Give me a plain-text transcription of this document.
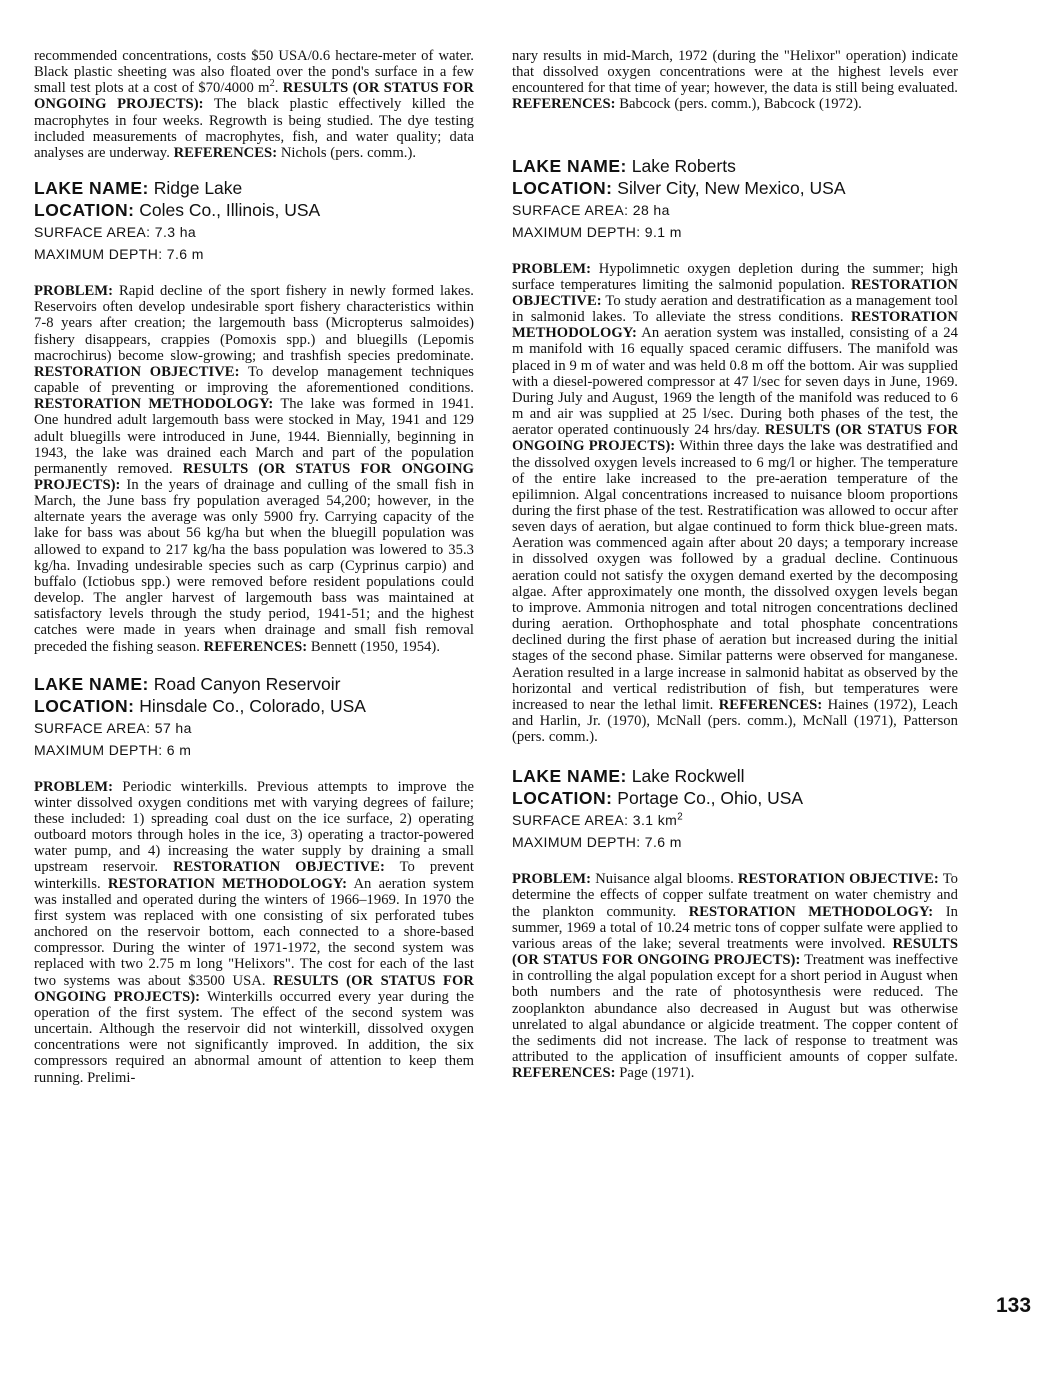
recommended concentrations, costs $50 USA/0.6 hectare-meter of water. Black plastic sheeting was also floated over the pond's surface in a few small test plots at a cost of $70/4000 $m^2$. RESULTS (OR STATUS FOR ONGOING PROJECTS): The black plastic effectively killed the macrophytes in four weeks. Regrowth is being studied. The dye testing included measurements of macrophytes, fish, and water quality; data analyses are underway. REFERENCES: Nichols (pers. comm.).

LAKE NAME: Ridge Lake
LOCATION: Coles Co., Illinois, USA
SURFACE AREA: 7.3 ha
MAXIMUM DEPTH: 7.6 m

PROBLEM: Rapid decline of the sport fishery in newly formed lakes. Reservoirs often develop undesirable sport fishery characteristics within 7-8 years after creation; the largemouth bass (Micropterus salmoides) fishery disappears, crappies (Pomoxis spp.) and bluegills (Lepomis macrochirus) become slow-growing; and trashfish species predominate. RESTORATION OBJECTIVE: To develop management techniques capable of preventing or improving the aforementioned conditions. RESTORATION METHODOLOGY: The lake was formed in 1941. One hundred adult largemouth bass were stocked in May, 1941 and 129 adult bluegills were introduced in June, 1944. Biennially, beginning in 1943, the lake was drained each March and part of the population permanently removed. RESULTS (OR STATUS FOR ONGOING PROJECTS): In the years of drainage and culling of the small fish in March, the June bass fry population averaged 54,200; however, in the alternate years the average was only 5900 fry. Carrying capacity of the lake for bass was about 56 kg/ha but when the bluegill population was allowed to expand to 217 kg/ha the bass population was lowered to 35.3 kg/ha. Invading undesirable species such as carp (Cyprinus carpio) and buffalo (Ictiobus spp.) were removed before resident populations could develop. The angler harvest of largemouth bass was maintained at satisfactory levels through the study period, 1941-51; and the highest catches were made in years when drainage and small fish removal preceded the fishing season. REFERENCES: Bennett (1950, 1954).

LAKE NAME: Road Canyon Reservoir
LOCATION: Hinsdale Co., Colorado, USA
SURFACE AREA: 57 ha
MAXIMUM DEPTH: 6 m

PROBLEM: Periodic winterkills. Previous attempts to improve the winter dissolved oxygen conditions met with varying degrees of failure; these included: 1) spreading coal dust on the ice surface, 2) operating outboard motors through holes in the ice, 3) operating a tractor-powered water pump, and 4) increasing the water supply by draining a small upstream reservoir. RESTORATION OBJECTIVE: To prevent winterkills. RESTORATION METHODOLOGY: An aeration system was installed and operated during the winters of 1966–1969. In 1970 the first system was replaced with one consisting of six perforated tubes anchored on the reservoir bottom, each connected to a shore-based compressor. During the winter of 1971-1972, the second system was replaced with two 2.75 m long "Helixors". The cost for each of the last two systems was about $3500 USA. RESULTS (OR STATUS FOR ONGOING PROJECTS): Winterkills occurred every year during the operation of the first system. The effect of the second system was uncertain. Although the reservoir did not winterkill, dissolved oxygen concentrations were not significantly improved. In addition, the six compressors required an abnormal amount of attention to keep them running. Prelimi-

nary results in mid-March, 1972 (during the "Helixor" operation) indicate that dissolved oxygen concentrations were at the highest levels ever encountered for that time of year; however, the data is still being evaluated. REFERENCES: Babcock (pers. comm.), Babcock (1972).

LAKE NAME: Lake Roberts
LOCATION: Silver City, New Mexico, USA
SURFACE AREA: 28 ha
MAXIMUM DEPTH: 9.1 m

PROBLEM: Hypolimnetic oxygen depletion during the summer; high surface temperatures limiting the salmonid population. RESTORATION OBJECTIVE: To study aeration and destratification as a management tool in salmonid lakes. To alleviate the stress conditions. RESTORATION METHODOLOGY: An aeration system was installed, consisting of a 24 m manifold with 16 equally spaced ceramic diffusers. The manifold was placed in 9 m of water and was held 0.8 m off the bottom. Air was supplied with a diesel-powered compressor at 47 l/sec for seven days in June, 1969. During July and August, 1969 the length of the manifold was reduced to 6 m and air was supplied at 25 l/sec. During both phases of the test, the aerator operated continuously 24 hrs/day. RESULTS (OR STATUS FOR ONGOING PROJECTS): Within three days the lake was destratified and the dissolved oxygen levels increased to 6 mg/l or higher. The temperature of the entire lake increased to the pre-aeration temperature of the epilimnion. Algal concentrations increased to nuisance bloom proportions during the first phase of the test. Restratification was allowed to occur after seven days of aeration, but algae continued to form thick blue-green mats. Aeration was commenced again after about 20 days; a temporary increase in dissolved oxygen was followed by a gradual decline. Continuous aeration could not satisfy the oxygen demand exerted by the decomposing algae. After approximately one month, the dissolved oxygen levels began to improve. Ammonia nitrogen and total nitrogen concentrations declined during aeration. Orthophosphate and total phosphate concentrations declined during the first phase of aeration but increased during the initial stages of the second phase. Similar patterns were observed for manganese. Aeration resulted in a large increase in salmonid habitat as observed by the horizontal and vertical redistribution of fish, but temperatures were increased to near the lethal limit. REFERENCES: Haines (1972), Leach and Harlin, Jr. (1970), McNall (pers. comm.), McNall (1971), Patterson (pers. comm.).

LAKE NAME: Lake Rockwell
LOCATION: Portage Co., Ohio, USA
SURFACE AREA: 3.1 $km^2$
MAXIMUM DEPTH: 7.6 m

PROBLEM: Nuisance algal blooms. RESTORATION OBJECTIVE: To determine the effects of copper sulfate treatment on water chemistry and the plankton community. RESTORATION METHODOLOGY: In summer, 1969 a total of 10.24 metric tons of copper sulfate were applied to various areas of the lake; several treatments were involved. RESULTS (OR STATUS FOR ONGOING PROJECTS): Treatment was ineffective in controlling the algal population except for a short period in August when both numbers and the rate of photosynthesis were reduced. The zooplankton abundance also decreased in August but was otherwise unrelated to algal abundance or algicide treatment. The copper content of the sediments did not increase. The lack of response to treatment was attributed to the application of insufficient amounts of copper sulfate. REFERENCES: Page (1971).

133
